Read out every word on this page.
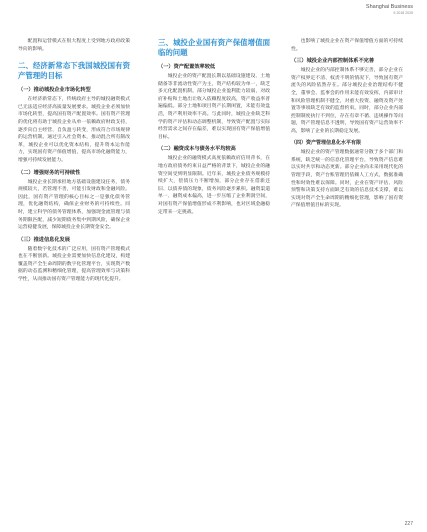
Shanghai Business
5 2018 2025

配置和运营模式在很大程度上受到地方政府政策导向的影响。

二、经济新常态下我国城投国有资产管理的目标
（一）推动城投企业市场化转型

在经济新常态下，传统政府主导的城投融资模式已无法适应经济高质量发展要求。城投企业必须加快市场化转型，提高国有资产配置效率。国有资产管理的优化将有助于城投企业从单一依赖政府财政支持，逐步向自主经营、自负盈亏转变，形成符合市场规律的运营机制。通过引入社会资本，推动混合所有制改革，城投企业可以优化资本结构，提升资本运作能力，实现国有资产保值增值，提高市场化融资能力，增强可持续发展能力。

（二）增强财务的可持续性

城投企业长期承担地方基础设施建设任务，债务规模较大，若管理不善，可能引发财政和金融风险。因此，国有资产管理的核心目标之一是强化债务管理，优化融资结构，确保企业财务的可持续性。同时，建立科学的债务管理体系，加强现金流管理与债务期限匹配，减少短期债务集中到期风险，确保企业运营稳健发展，保障城投企业长期资金安全。

（三）推进信息化发展

随着数字化技术的广泛应用，国有资产管理模式也在不断创新。城投企业需要加快信息化建设，构建覆盖资产全生命周期的数字化管理平台，实现资产数据的动态监测和精细化管理，提高管理效率与决策科学性，从而推动国有资产管理能力的现代化提升。

三、城投企业国有资产保值增值面临的问题
（一）资产配置效率较低

城投企业的资产配置长期以基础设施建设、土地储备等非流动性资产为主，资产结构较为单一，缺乏多元化配置机制。部分城投企业盈利能力较弱，对政府补贴和土地出让收入依赖程度较高，资产收益率普遍偏低。部分土地和项目资产长期闲置，未能有效盘活，资产利用效率不高。与此同时，城投企业缺乏科学的资产评估和动态调整机制，导致资产配置与实际经营需求之间存在偏差，难以实现国有资产保值增值目标。

（二）融资成本与债务水平均较高

城投企业的融资模式高度依赖政府信用背书，在地方政府债务约束日益严格的背景下，城投企业的融资空间受到明显限制。近年来，城投企业债务规模持续扩大，偿债压力不断增加，部分企业存在借新还旧、以债养债的现象，债务风险逐步累积。融资渠道单一、融资成本偏高，进一步压缩了企业利润空间，对国有资产保值增值形成不利影响，也对区域金融稳定带来一定挑战。

也影响了城投企业在资产保值增值方面的可持续性。

（三）城投企业内部控制体系不完善

城投企业的内部控制体系不够完善，部分企业在资产权界定不清、权责不明的情况下，导致国有资产流失的风险依然存在。部分城投企业治理结构不健全，董事会、监事会的作用未能有效发挥，内部审计和风险管理机制不健全，对重大投资、融资及资产处置等事项缺乏有效的监督约束。同时，部分企业内部控制制度执行不到位，存在有章不循、违规操作等问题，资产管理信息不透明，导致国有资产运营效率不高，影响了企业的长期稳定发展。

（四）资产管理信息化水平有限

城投企业的资产管理数据通常分散于多个部门和系统，缺乏统一的信息化管理平台，导致资产信息难以实时共享和动态更新。部分企业尚未采用现代化的管理手段，资产台账管理仍依赖人工方式，数据准确性和时效性难以保障。同时，企业在资产评估、风险预警和决策支持方面缺乏有效的信息技术支撑，难以实现对资产全生命周期的精细化管理，影响了国有资产保值增值目标的实现。

227
